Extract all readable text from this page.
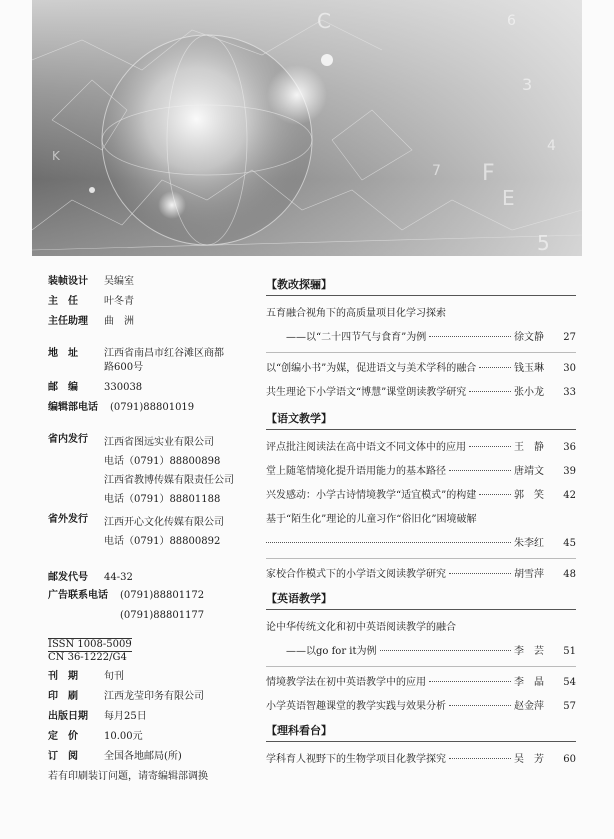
C
7 F
3
E
5
4
K
6
装帧设计	吴编室
主　任	叶冬青
主任助理	曲　洲
地　址	江西省南昌市红谷滩区商都
路600号
邮　编	330038
编辑部电话	(0791)88801019
省内发行	江西省图远实业有限公司
电话（0791）88800898
江西省教博传媒有限责任公司
电话（0791）88801188
省外发行	江西开心文化传媒有限公司
电话（0791）88800892
邮发代号	44-32
广告联系电话	(0791)88801172
(0791)88801177
ISSN 1008-5009
CN 36-1222/G4
刊　期	旬刊
印　刷	江西龙莹印务有限公司
出版日期	每月25日
定　价	10.00元
订　阅	全国各地邮局(所)
若有印刷装订问题，请寄编辑部调换
【教改探骊】
五育融合视角下的高质量项目化学习探索
——以“二十四节气与食育”为例	徐文静	27
以“创编小书”为媒，促进语文与美术学科的融合	钱玉琳	30
共生理论下小学语文“博慧”课堂朗读教学研究	张小龙	33
【语文教学】
评点批注阅读法在高中语文不同文体中的应用	王　静	36
堂上随笔情境化提升语用能力的基本路径	唐靖文	39
兴发感动：小学古诗情境教学“适宜模式”的构建	郭　笑	42
基于“陌生化”理论的儿童习作“俗旧化”困境破解
朱李红	45
家校合作模式下的小学语文阅读教学研究	胡雪萍	48
【英语教学】
论中华传统文化和初中英语阅读教学的融合
——以go for it为例	李　芸	51
情境教学法在初中英语教学中的应用	李　晶	54
小学英语智趣课堂的教学实践与效果分析	赵金萍	57
【理科看台】
学科育人视野下的生物学项目化教学探究	吴　芳	60
